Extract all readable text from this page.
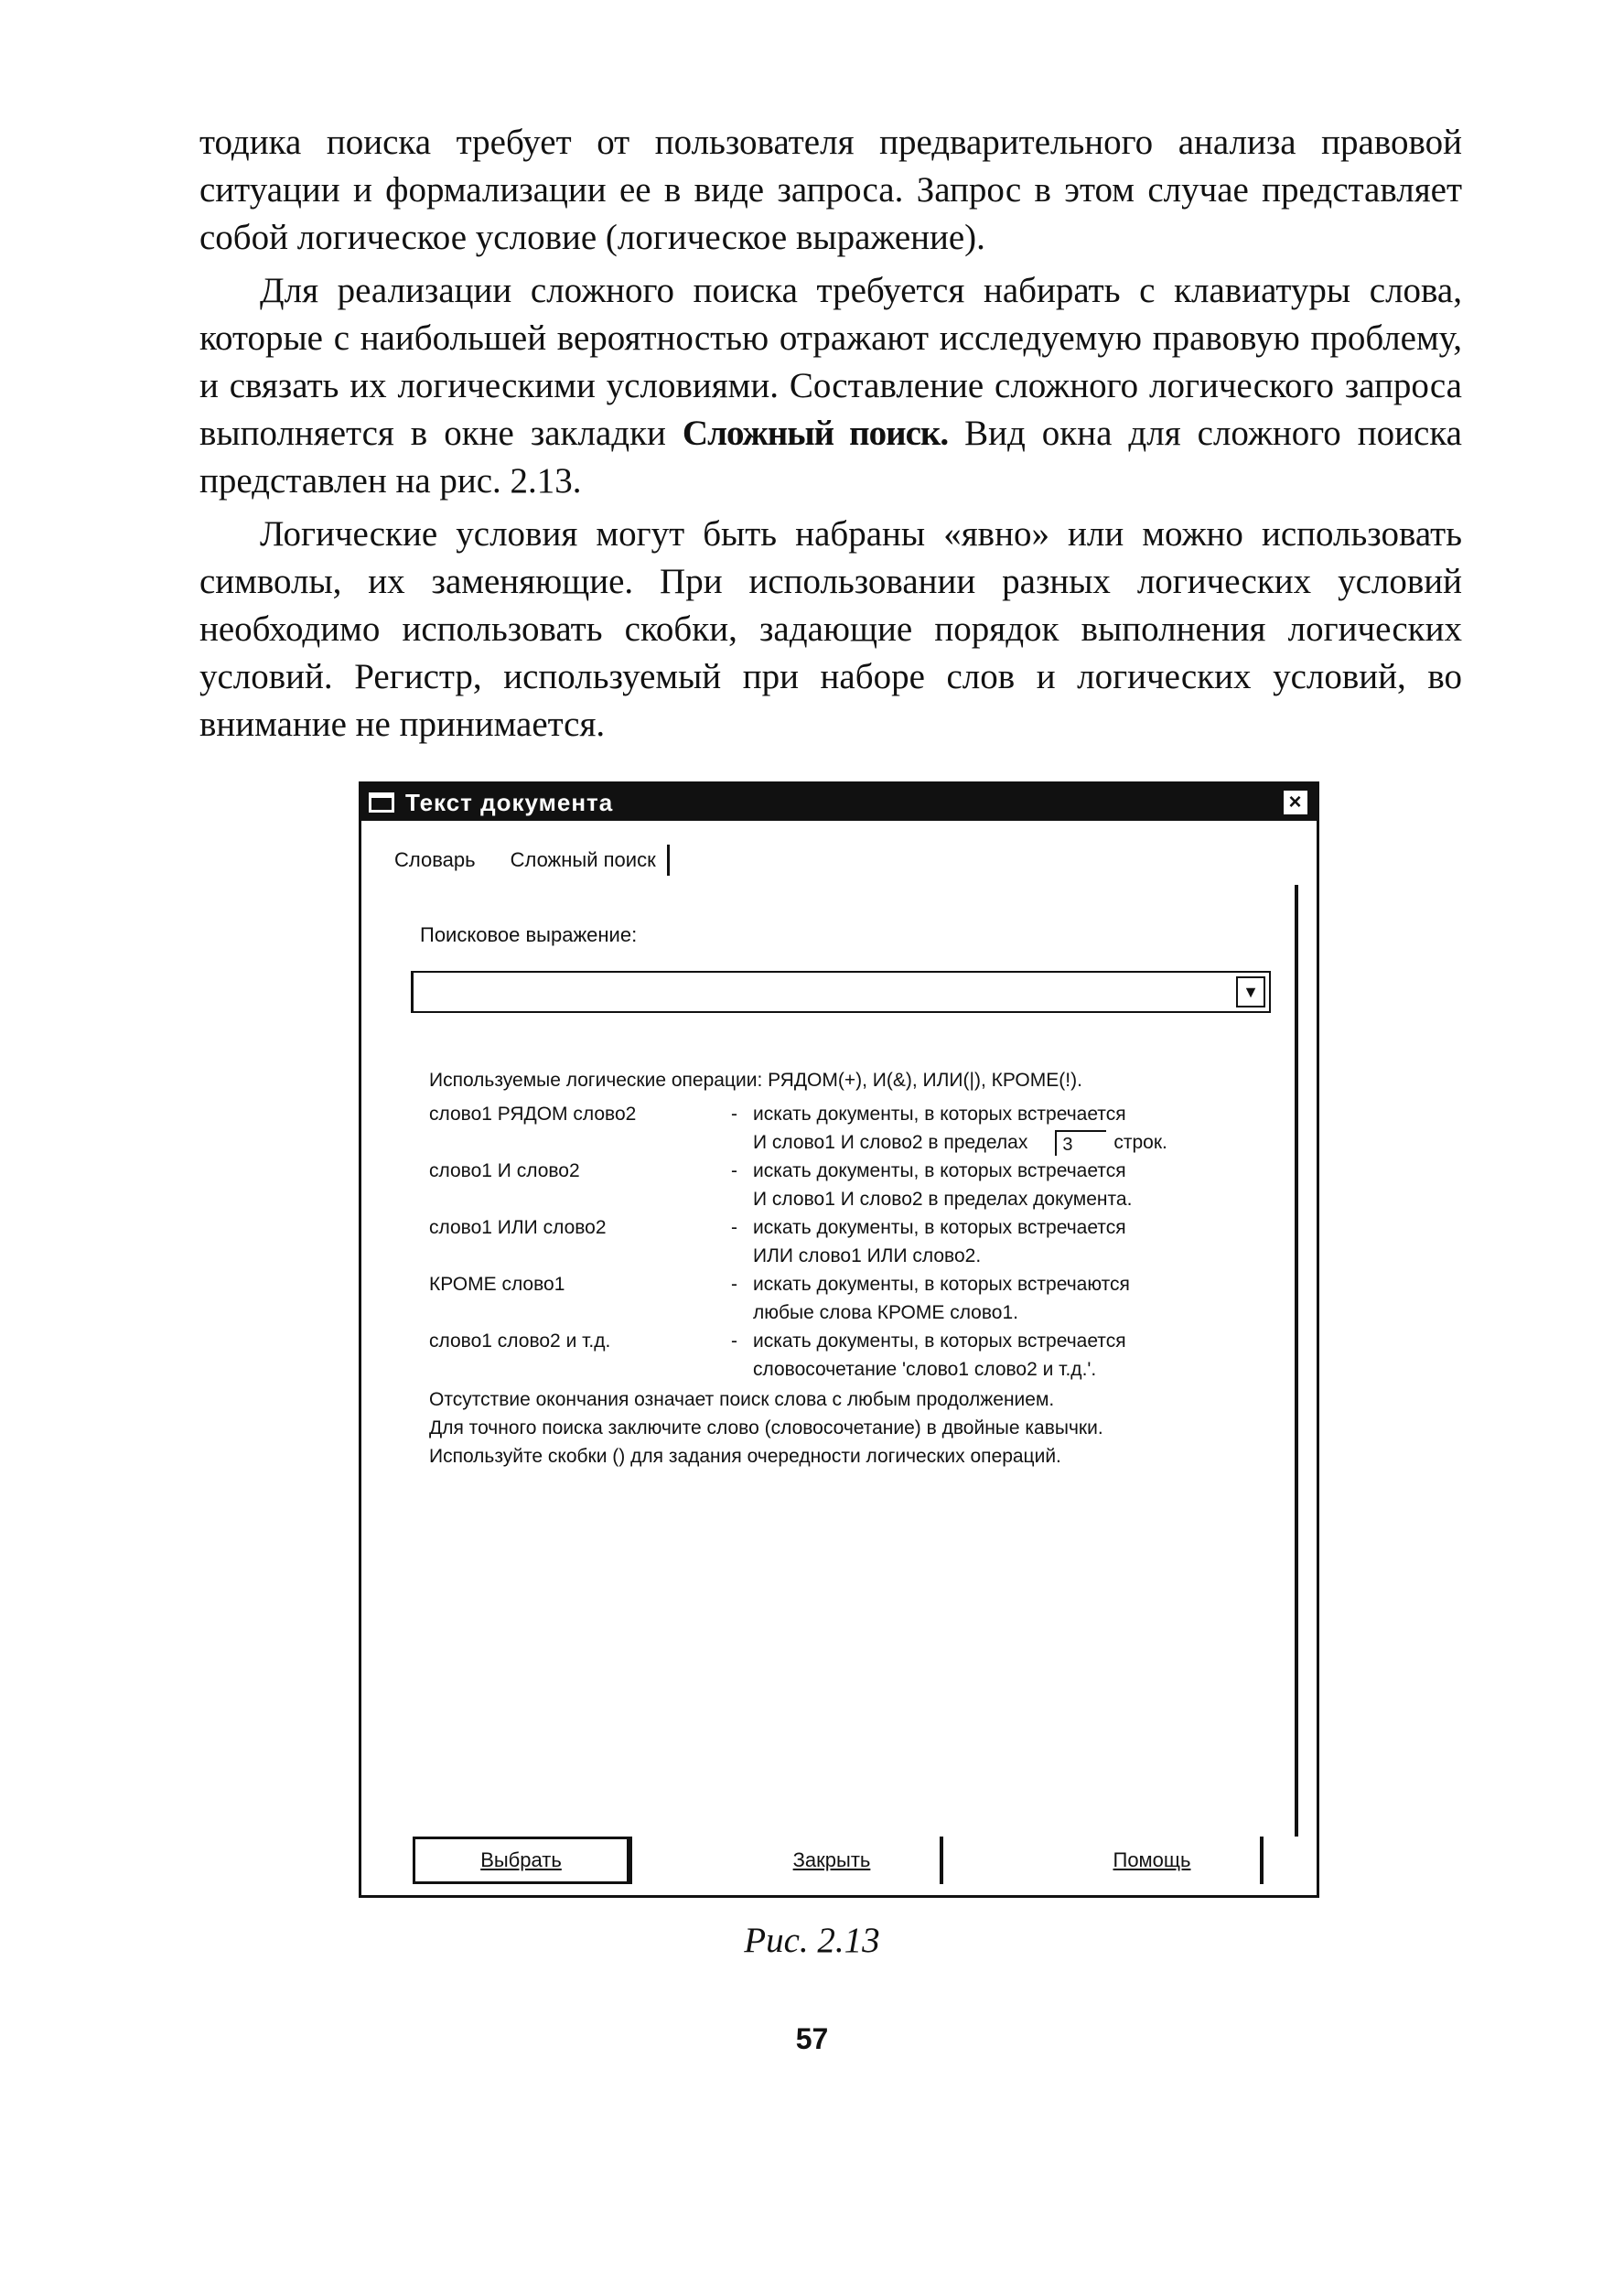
тодика поиска требует от пользователя предварительного анализа правовой ситуации и формализации ее в виде запроса. Запрос в этом случае представляет собой логическое условие (логическое выражение).

Для реализации сложного поиска требуется набирать с клавиатуры слова, которые с наибольшей вероятностью отражают исследуемую правовую проблему, и связать их логическими условиями. Составление сложного логического запроса выполняется в окне закладки Сложный поиск. Вид окна для сложного поиска представлен на рис. 2.13.

Логические условия могут быть набраны «явно» или можно использовать символы, их заменяющие. При использовании разных логических условий необходимо использовать скобки, задающие порядок выполнения логических условий. Регистр, используемый при наборе слов и логических условий, во внимание не принимается.

Текст документа	×
Словарь Сложный поиск
Поисковое выражение:
▼
Используемые логические операции: РЯДОМ(+), И(&), ИЛИ(|), КРОМЕ(!).
слово1 РЯДОМ слово2	- искать документы, в которых встречается
И слово1 И слово2 в пределах 3 строк.
слово1 И слово2	- искать документы, в которых встречается
И слово1 И слово2 в пределах документа.
слово1 ИЛИ слово2	- искать документы, в которых встречается
ИЛИ слово1 ИЛИ слово2.
КРОМЕ слово1	- искать документы, в которых встречаются
любые слова КРОМЕ слово1.
слово1 слово2 и т.д.	- искать документы, в которых встречается
словосочетание 'слово1 слово2 и т.д.'.
Отсутствие окончания означает поиск слова с любым продолжением.
Для точного поиска заключите слово (словосочетание) в двойные кавычки.
Используйте скобки () для задания очередности логических операций.
Выбрать	Закрыть	Помощь
Рис. 2.13
57
